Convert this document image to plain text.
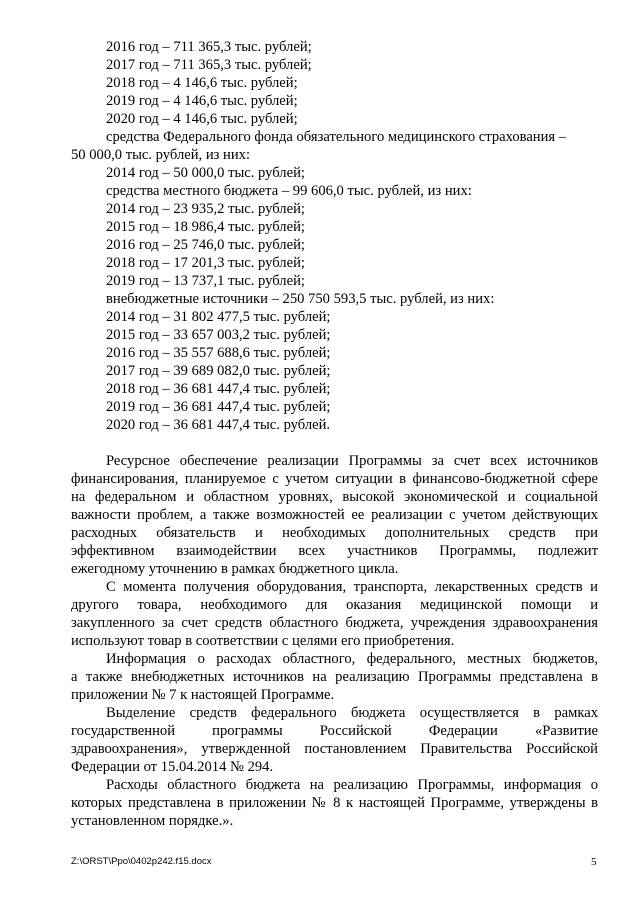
2016 год – 711 365,3 тыс. рублей;
2017 год – 711 365,3 тыс. рублей;
2018 год – 4 146,6 тыс. рублей;
2019 год – 4 146,6 тыс. рублей;
2020 год – 4 146,6 тыс. рублей;
средства Федерального фонда обязательного медицинского страхования –
50 000,0 тыс. рублей, из них:
2014 год – 50 000,0 тыс. рублей;
средства местного бюджета – 99 606,0 тыс. рублей, из них:
2014 год – 23 935,2 тыс. рублей;
2015 год – 18 986,4 тыс. рублей;
2016 год – 25 746,0 тыс. рублей;
2018 год – 17 201,3 тыс. рублей;
2019 год – 13 737,1 тыс. рублей;
внебюджетные источники – 250 750 593,5 тыс. рублей, из них:
2014 год – 31 802 477,5 тыс. рублей;
2015 год – 33 657 003,2 тыс. рублей;
2016 год – 35 557 688,6 тыс. рублей;
2017 год – 39 689 082,0 тыс. рублей;
2018 год – 36 681 447,4 тыс. рублей;
2019 год – 36 681 447,4 тыс. рублей;
2020 год – 36 681 447,4 тыс. рублей.
Ресурсное обеспечение реализации Программы за счет всех источников
финансирования, планируемое с учетом ситуации в финансово-бюджетной сфере
на федеральном и областном уровнях, высокой экономической и социальной
важности проблем, а также возможностей ее реализации с учетом действующих
расходных обязательств и необходимых дополнительных средств при
эффективном взаимодействии всех участников Программы, подлежит
ежегодному уточнению в рамках бюджетного цикла.
С момента получения оборудования, транспорта, лекарственных средств и
другого товара, необходимого для оказания медицинской помощи и
закупленного за счет средств областного бюджета, учреждения здравоохранения
используют товар в соответствии с целями его приобретения.
Информация о расходах областного, федерального, местных бюджетов,
а также внебюджетных источников на реализацию Программы представлена в
приложении № 7 к настоящей Программе.
Выделение средств федерального бюджета осуществляется в рамках
государственной программы Российской Федерации «Развитие
здравоохранения», утвержденной постановлением Правительства Российской
Федерации от 15.04.2014 № 294.
Расходы областного бюджета на реализацию Программы, информация о
которых представлена в приложении № 8 к настоящей Программе, утверждены в
установленном порядке.».
Z:\ORST\Ppo\0402p242.f15.docx	5
